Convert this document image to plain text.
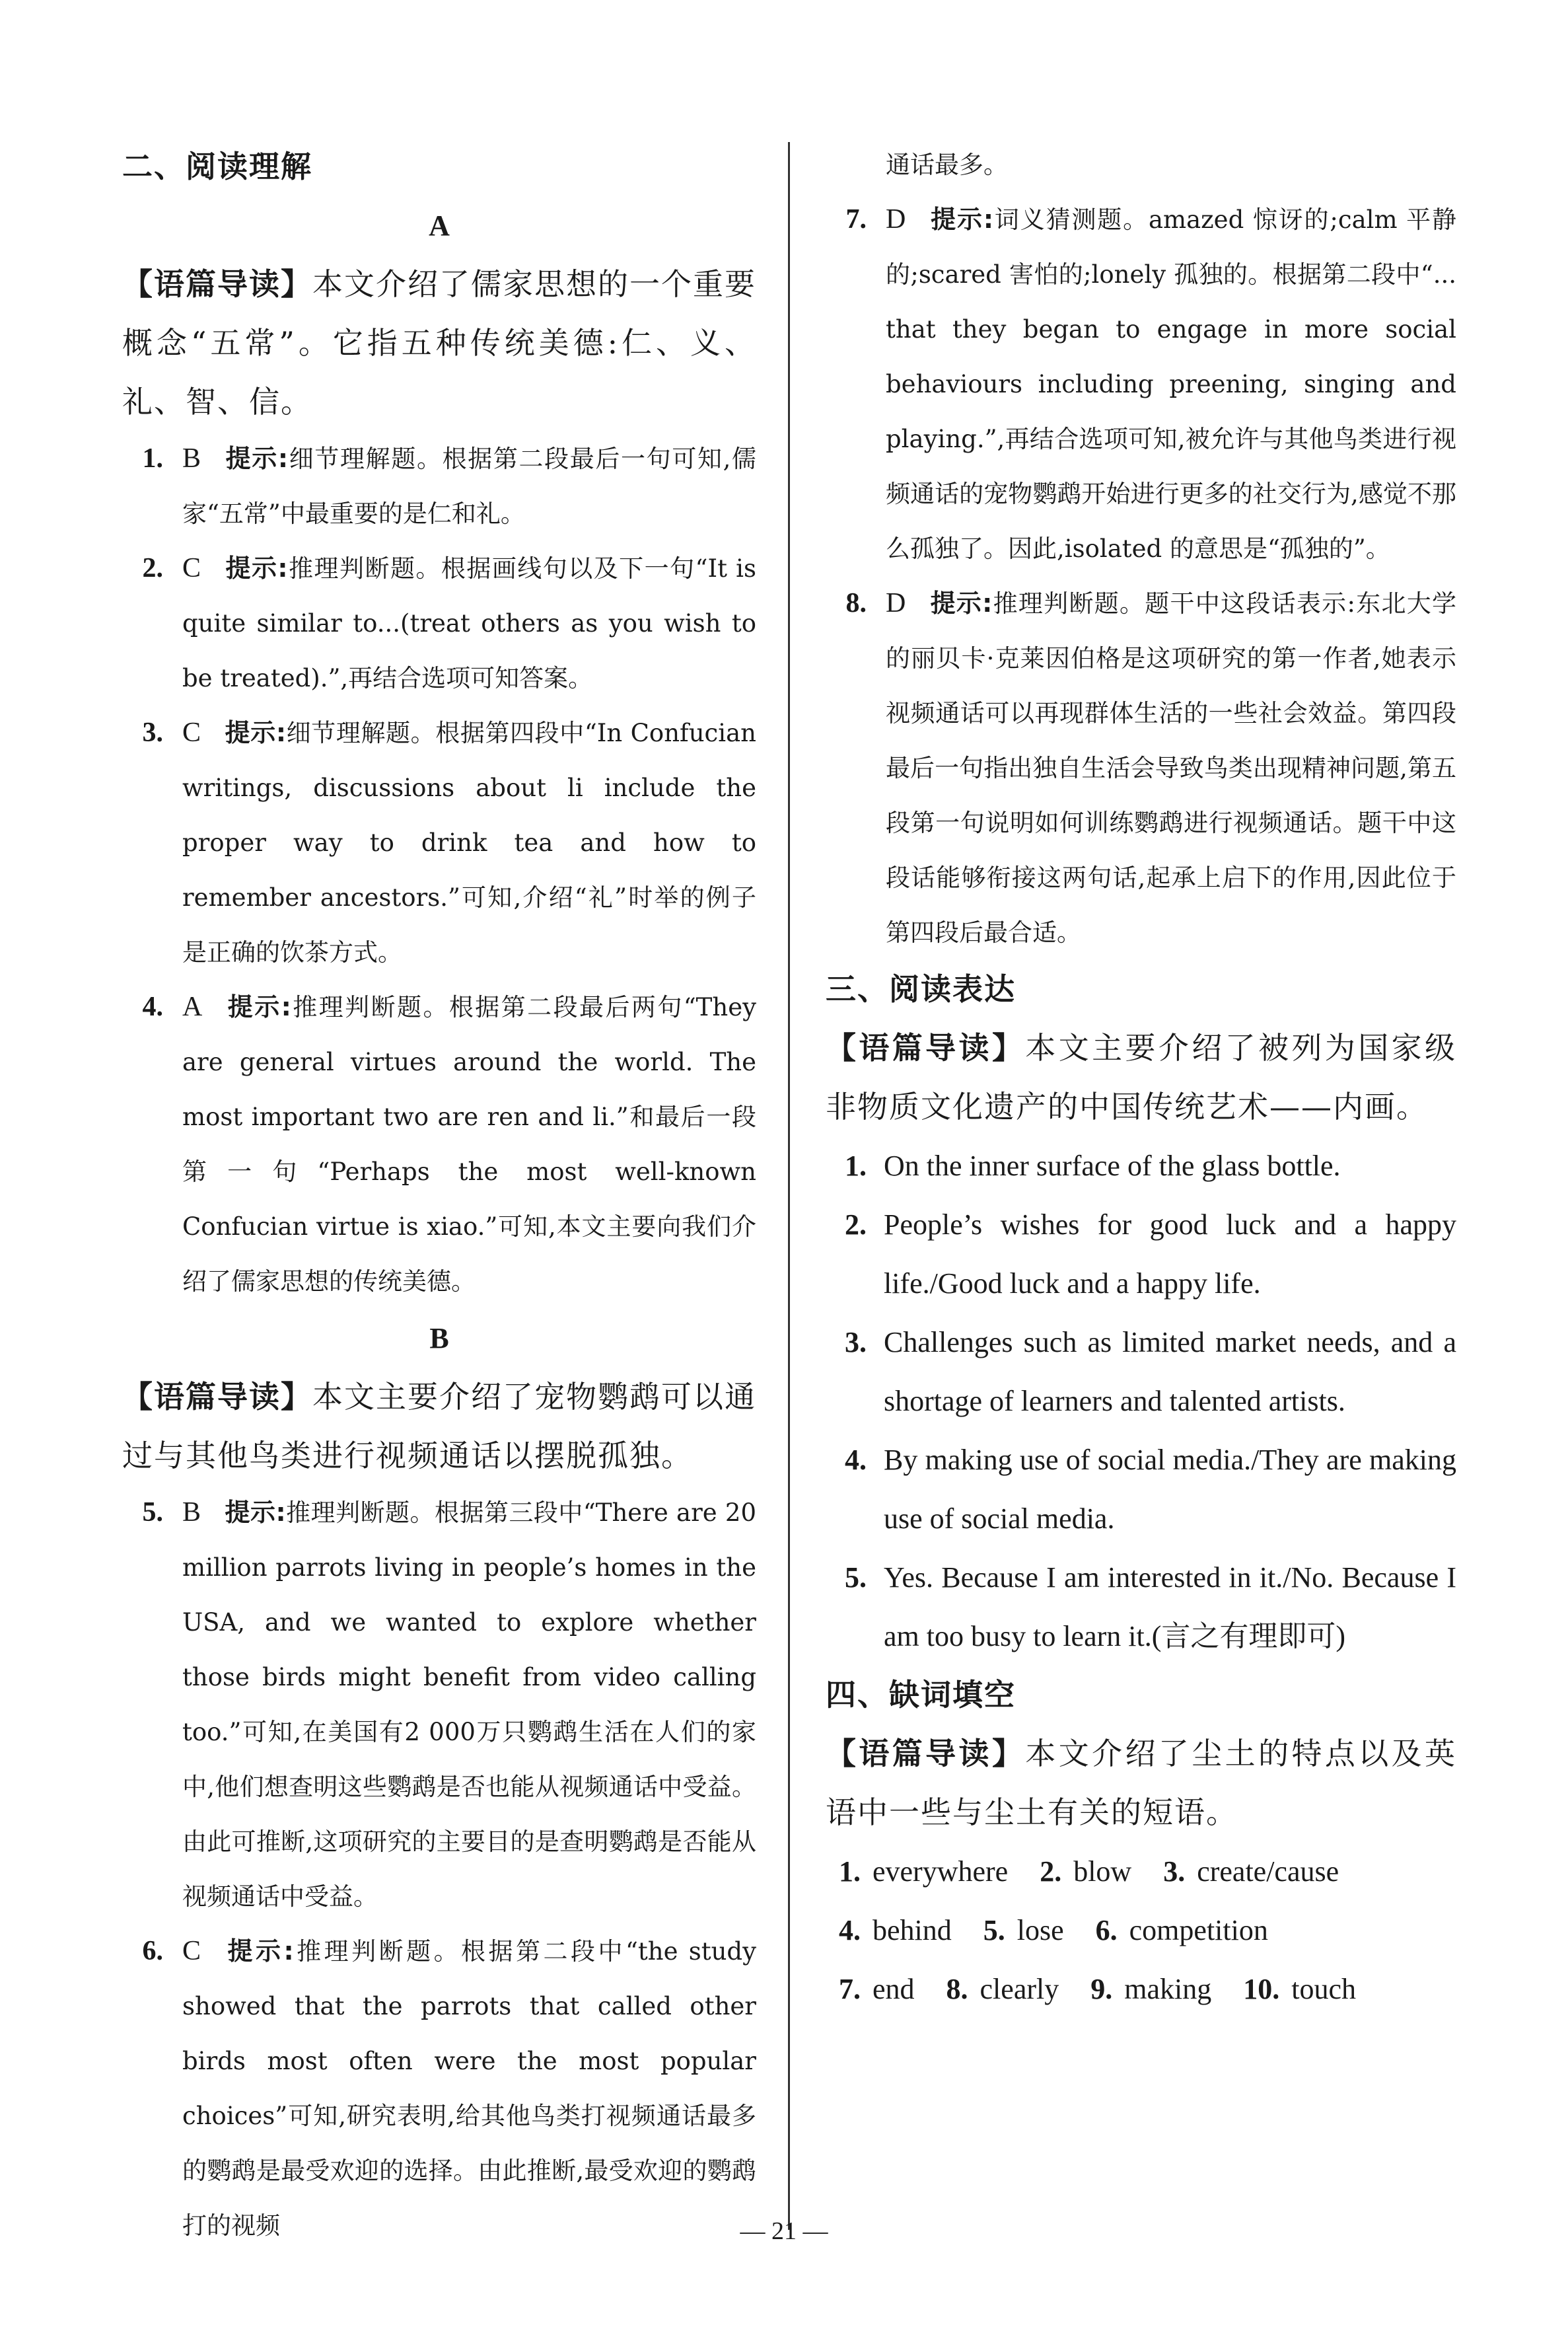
二、阅读理解
A
【语篇导读】本文介绍了儒家思想的一个重要概念“五常”。它指五种传统美德:仁、义、礼、智、信。
1. B 提示:细节理解题。根据第二段最后一句可知,儒家“五常”中最重要的是仁和礼。
2. C 提示:推理判断题。根据画线句以及下一句“It is quite similar to...(treat others as you wish to be treated).”,再结合选项可知答案。
3. C 提示:细节理解题。根据第四段中“In Confucian writings, discussions about li include the proper way to drink tea and how to remember ancestors.”可知,介绍“礼”时举的例子是正确的饮茶方式。
4. A 提示:推理判断题。根据第二段最后两句“They are general virtues around the world. The most important two are ren and li.”和最后一段第一句“Perhaps the most well-known Confucian virtue is xiao.”可知,本文主要向我们介绍了儒家思想的传统美德。
B
【语篇导读】本文主要介绍了宠物鹦鹉可以通过与其他鸟类进行视频通话以摆脱孤独。
5. B 提示:推理判断题。根据第三段中“There are 20 million parrots living in people’s homes in the USA, and we wanted to explore whether those birds might benefit from video calling too.”可知,在美国有2 000万只鹦鹉生活在人们的家中,他们想查明这些鹦鹉是否也能从视频通话中受益。由此可推断,这项研究的主要目的是查明鹦鹉是否能从视频通话中受益。
6. C 提示:推理判断题。根据第二段中“the study showed that the parrots that called other birds most often were the most popular choices”可知,研究表明,给其他鸟类打视频通话最多的鹦鹉是最受欢迎的选择。由此推断,最受欢迎的鹦鹉打的视频
通话最多。
7. D 提示:词义猜测题。amazed 惊讶的;calm 平静的;scared 害怕的;lonely 孤独的。根据第二段中“... that they began to engage in more social behaviours including preening, singing and playing.”,再结合选项可知,被允许与其他鸟类进行视频通话的宠物鹦鹉开始进行更多的社交行为,感觉不那么孤独了。因此,isolated 的意思是“孤独的”。
8. D 提示:推理判断题。题干中这段话表示:东北大学的丽贝卡·克莱因伯格是这项研究的第一作者,她表示视频通话可以再现群体生活的一些社会效益。第四段最后一句指出独自生活会导致鸟类出现精神问题,第五段第一句说明如何训练鹦鹉进行视频通话。题干中这段话能够衔接这两句话,起承上启下的作用,因此位于第四段后最合适。
三、阅读表达
【语篇导读】本文主要介绍了被列为国家级非物质文化遗产的中国传统艺术——内画。
1. On the inner surface of the glass bottle.
2. People’s wishes for good luck and a happy life./Good luck and a happy life.
3. Challenges such as limited market needs, and a shortage of learners and talented artists.
4. By making use of social media./They are making use of social media.
5. Yes. Because I am interested in it./No. Because I am too busy to learn it.(言之有理即可)
四、缺词填空
【语篇导读】本文介绍了尘土的特点以及英语中一些与尘土有关的短语。
1. everywhere 2. blow 3. create/cause
4. behind 5. lose 6. competition
7. end 8. clearly 9. making 10. touch
— 21 —
